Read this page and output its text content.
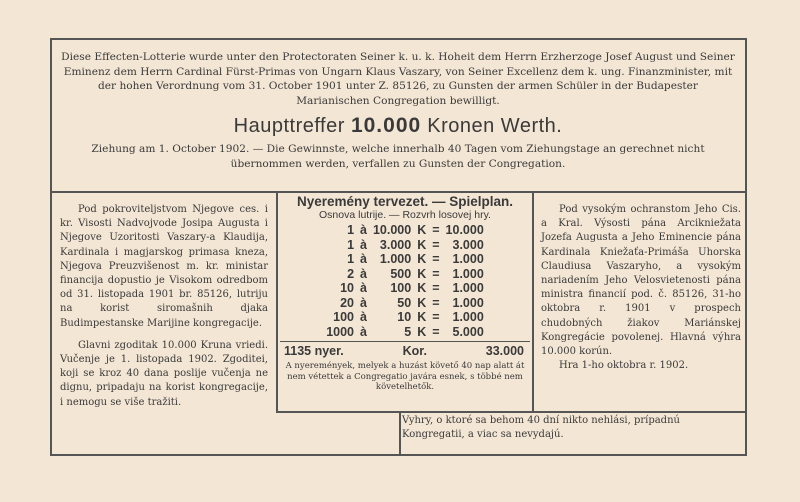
Diese Effecten-Lotterie wurde unter den Protectoraten Seiner k. u. k. Hoheit dem Herrn Erzherzoge Josef August und Seiner Eminenz dem Herrn Cardinal Fürst-Primas von Ungarn Klaus Vaszary, von Seiner Excellenz dem k. ung. Finanzminister, mit der hohen Verordnung vom 31. October 1901 unter Z. 85126, zu Gunsten der armen Schüler in der Budapester Marianischen Congregation bewilligt.

Haupttreffer 10.000 Kronen Werth.

Ziehung am 1. October 1902. — Die Gewinnste, welche innerhalb 40 Tagen vom Ziehungstage an gerechnet nicht übernommen werden, verfallen zu Gunsten der Congregation.

Pod pokroviteljstvom Njegove ces. i kr. Visosti Nadvojvode Josipa Augusta i Njegove Uzoritosti Vaszary-a Klaudija, Kardinala i magjarskog primasa kneza, Njegova Preuzvišenost m. kr. ministar financija dopustio je Visokom odredbom od 31. listopada 1901 br. 85126, lutriju na korist siromašnih djaka Budimpestanske Marijine kongregacije.

Glavni zgoditak 10.000 Kruna vriedi. Vučenje je 1. listopada 1902. Zgoditei, koji se kroz 40 dana poslije vučenja ne dignu, pripadaju na korist kongregacije, i nemogu se više tražiti.

Nyeremény tervezet. — Spielplan.

Osnova lutrije. — Rozvrh losovej hry.

1	à	10.000	K	=	10.000
1	à	3.000	K	=	3.000
1	à	1.000	K	=	1.000
2	à	500	K	=	1.000
10	à	100	K	=	1.000
20	à	50	K	=	1.000
100	à	10	K	=	1.000
1000	à	5	K	=	5.000
1135 nyer.	Kor.	33.000

A nyeremények, melyek a huzást követő 40 nap alatt át nem vétettek a Congregatio javára esnek, s többé nem követelhetők.

Pod vysokým ochranstom Jeho Cis. a Kral. Výsosti pána Arcikniežata Jozefa Augusta a Jeho Eminencie pána Kardinala Kniežaťa-Primáša Uhorska Claudiusa Vaszaryho, a vysokým nariadením Jeho Velosvietenosti pána ministra financií pod. č. 85126, 31-ho oktobra r. 1901 v prospech chudobných žiakov Mariánskej Kongregácie povolenej. Hlavná výhra 10.000 korún.

Hra 1-ho oktobra r. 1902.

Vyhry, o ktoré sa behom 40 dní nikto nehlási, prípadnú Kongregatii, a viac sa nevydajú.
